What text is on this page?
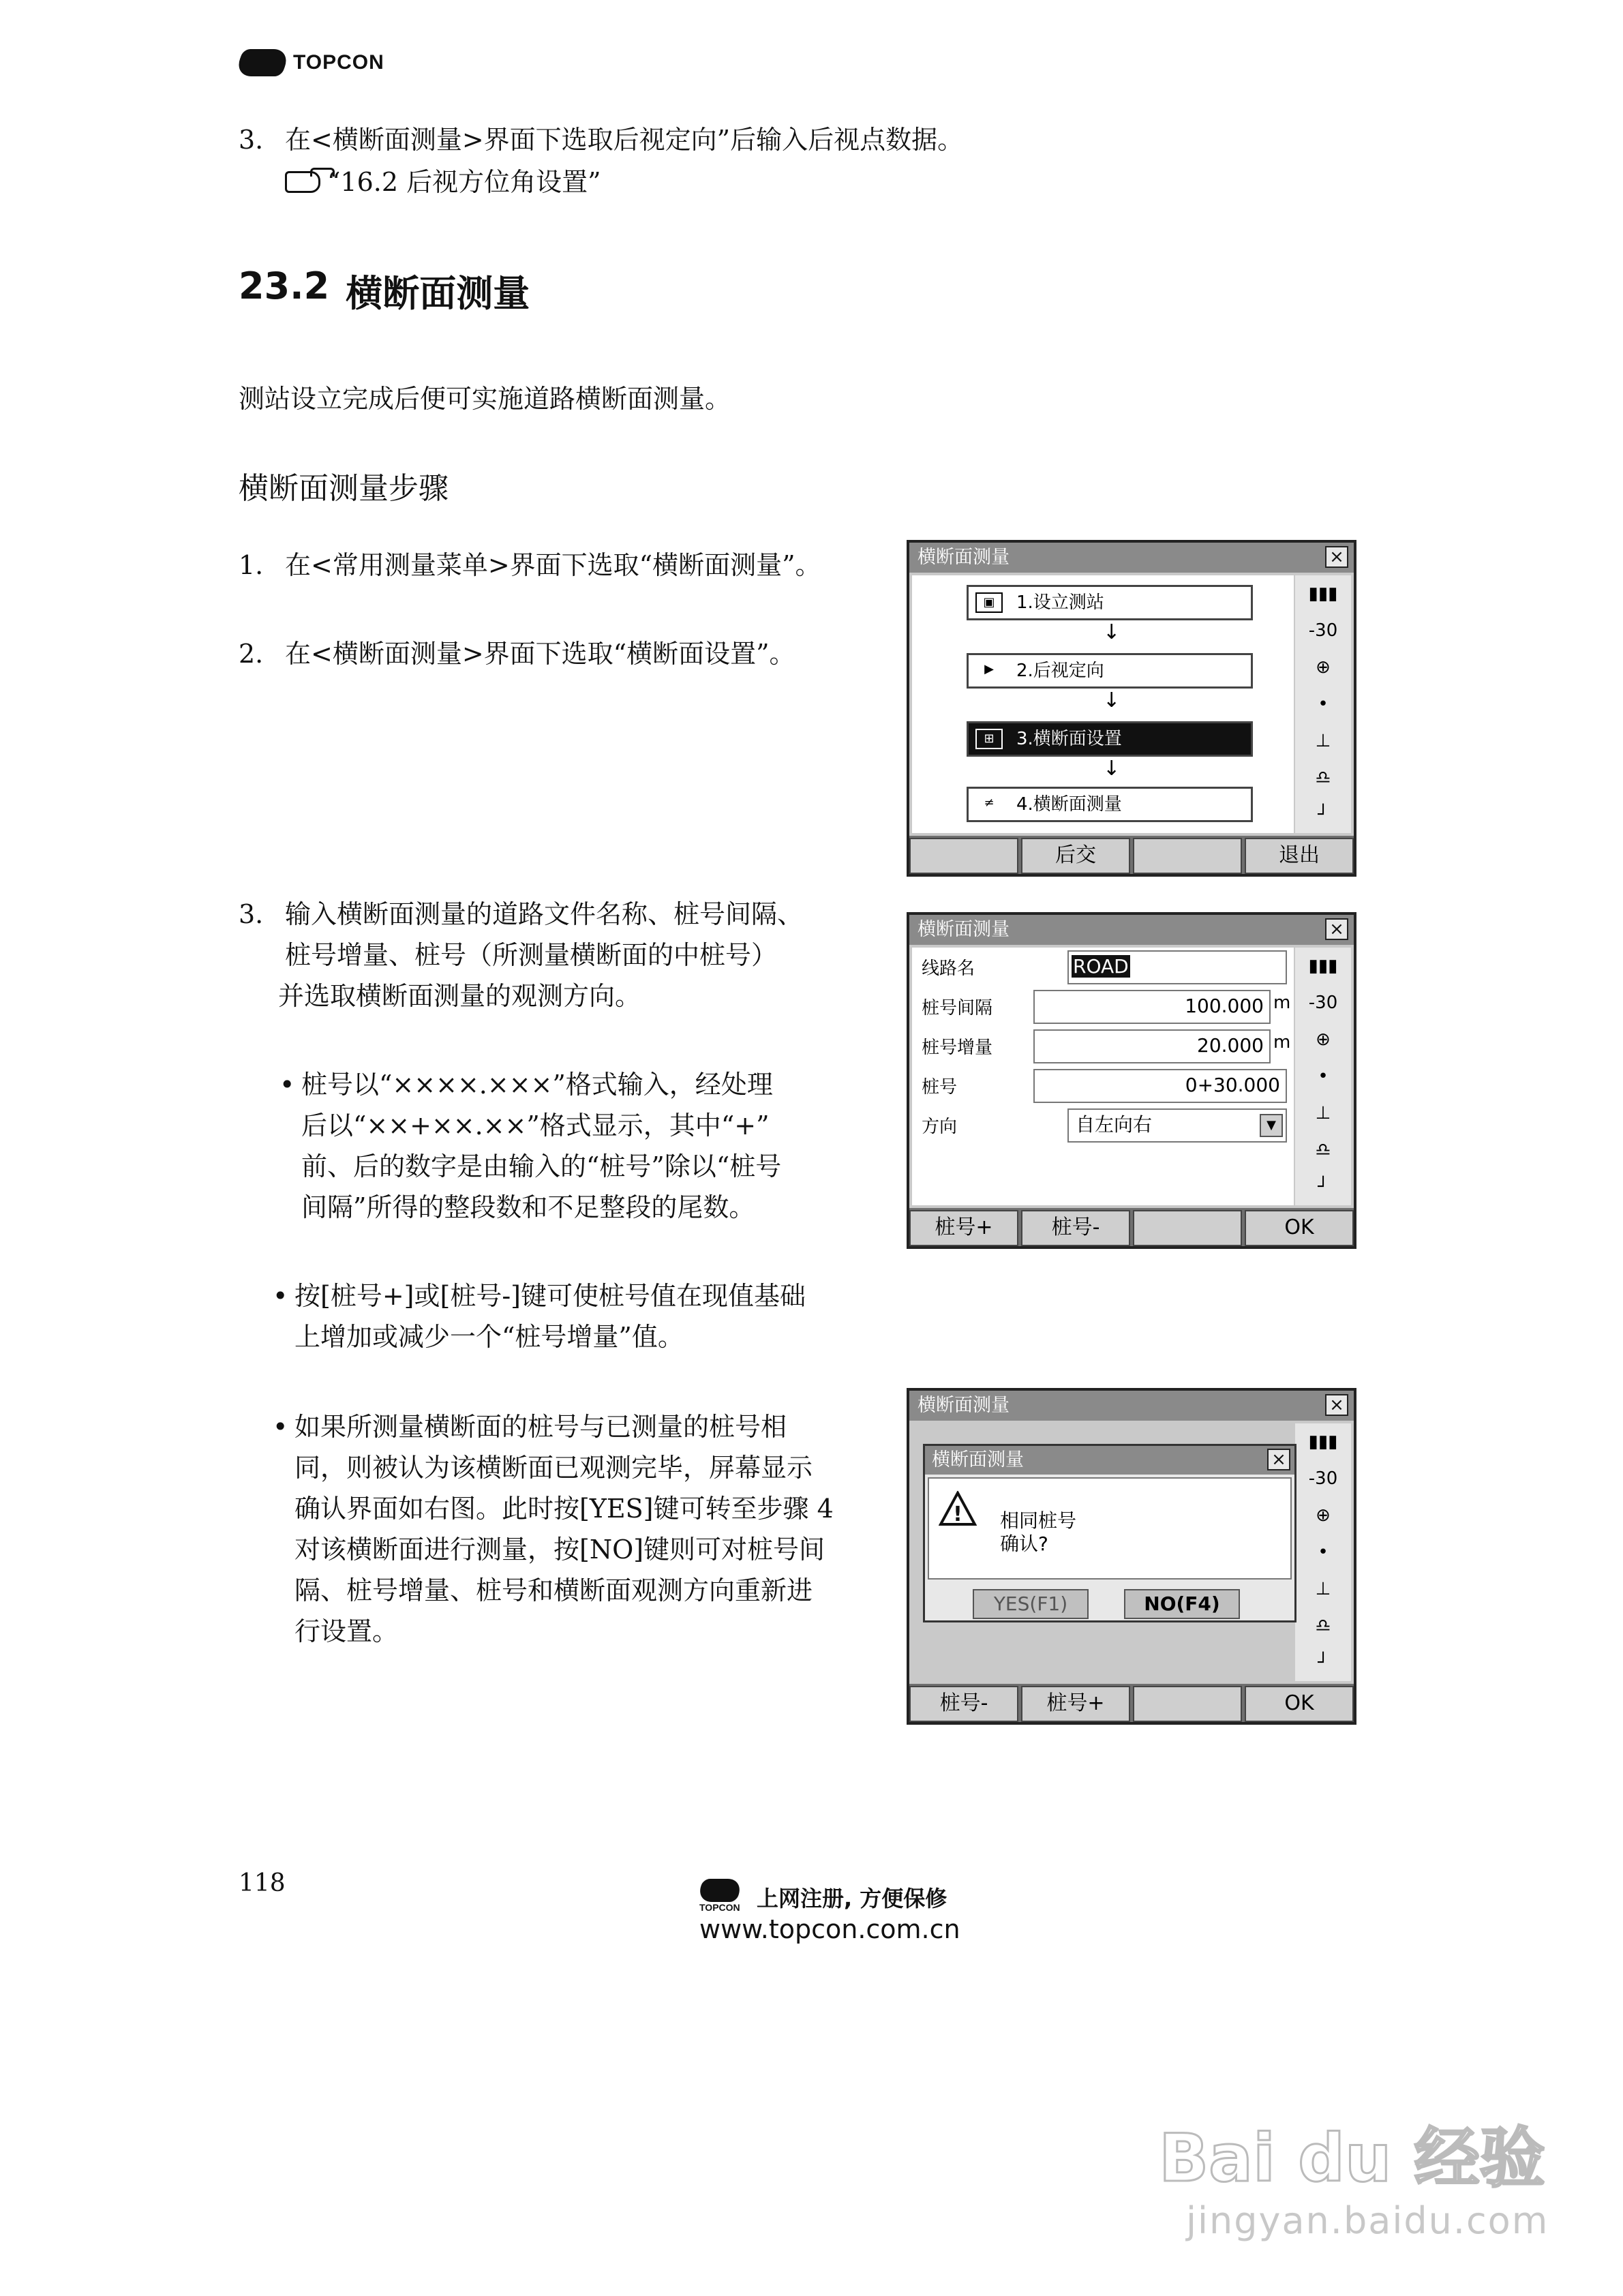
TOPCON
3. 在<横断面测量>界面下选取后视定向”后输入后视点数据。
“16.2 后视方位角设置”
23.2 横断面测量
测站设立完成后便可实施道路横断面测量。
横断面测量步骤
1. 在<常用测量菜单>界面下选取“横断面测量”。
2. 在<横断面测量>界面下选取“横断面设置”。
3. 输入横断面测量的道路文件名称、桩号间隔、
桩号增量、桩号（所测量横断面的中桩号）
并选取横断面测量的观测方向。
• 桩号以“××××.×××”格式输入，经处理
后以“××+××.××”格式显示，其中“+”
前、后的数字是由输入的“桩号”除以“桩号
间隔”所得的整段数和不足整段的尾数。
• 按[桩号+]或[桩号-]键可使桩号值在现值基础
上增加或减少一个“桩号增量”值。
• 如果所测量横断面的桩号与已测量的桩号相
同，则被认为该横断面已观测完毕，屏幕显示
确认界面如右图。此时按[YES]键可转至步骤 4
对该横断面进行测量，按[NO]键则可对桩号间
隔、桩号增量、桩号和横断面观测方向重新进
行设置。
横断面测量	×
▣	1.设立测站
↓
▶	2.后视定向
↓
⊞	3.横断面设置
↓
≠	4.横断面测量
▮▮▮
-30
⊕
•
⊥
♎
┘
后交	退出
横断面测量	×
线路名	ROAD
桩号间隔	100.000 m
桩号增量	20.000 m
桩号	0+30.000
方向	自左向右	▼
▮▮▮
-30
⊕
•
⊥
♎
┘
桩号+	桩号-	OK
横断面测量	×
▮▮▮
-30
⊕
•
⊥
♎
┘
横断面测量	×
! 相同桩号
确认?
YES(F1)	NO(F4)
桩号-	桩号+	OK
118
TOPCON 上网注册, 方便保修
www.topcon.com.cn
Bai du 经验
jingyan.baidu.com
